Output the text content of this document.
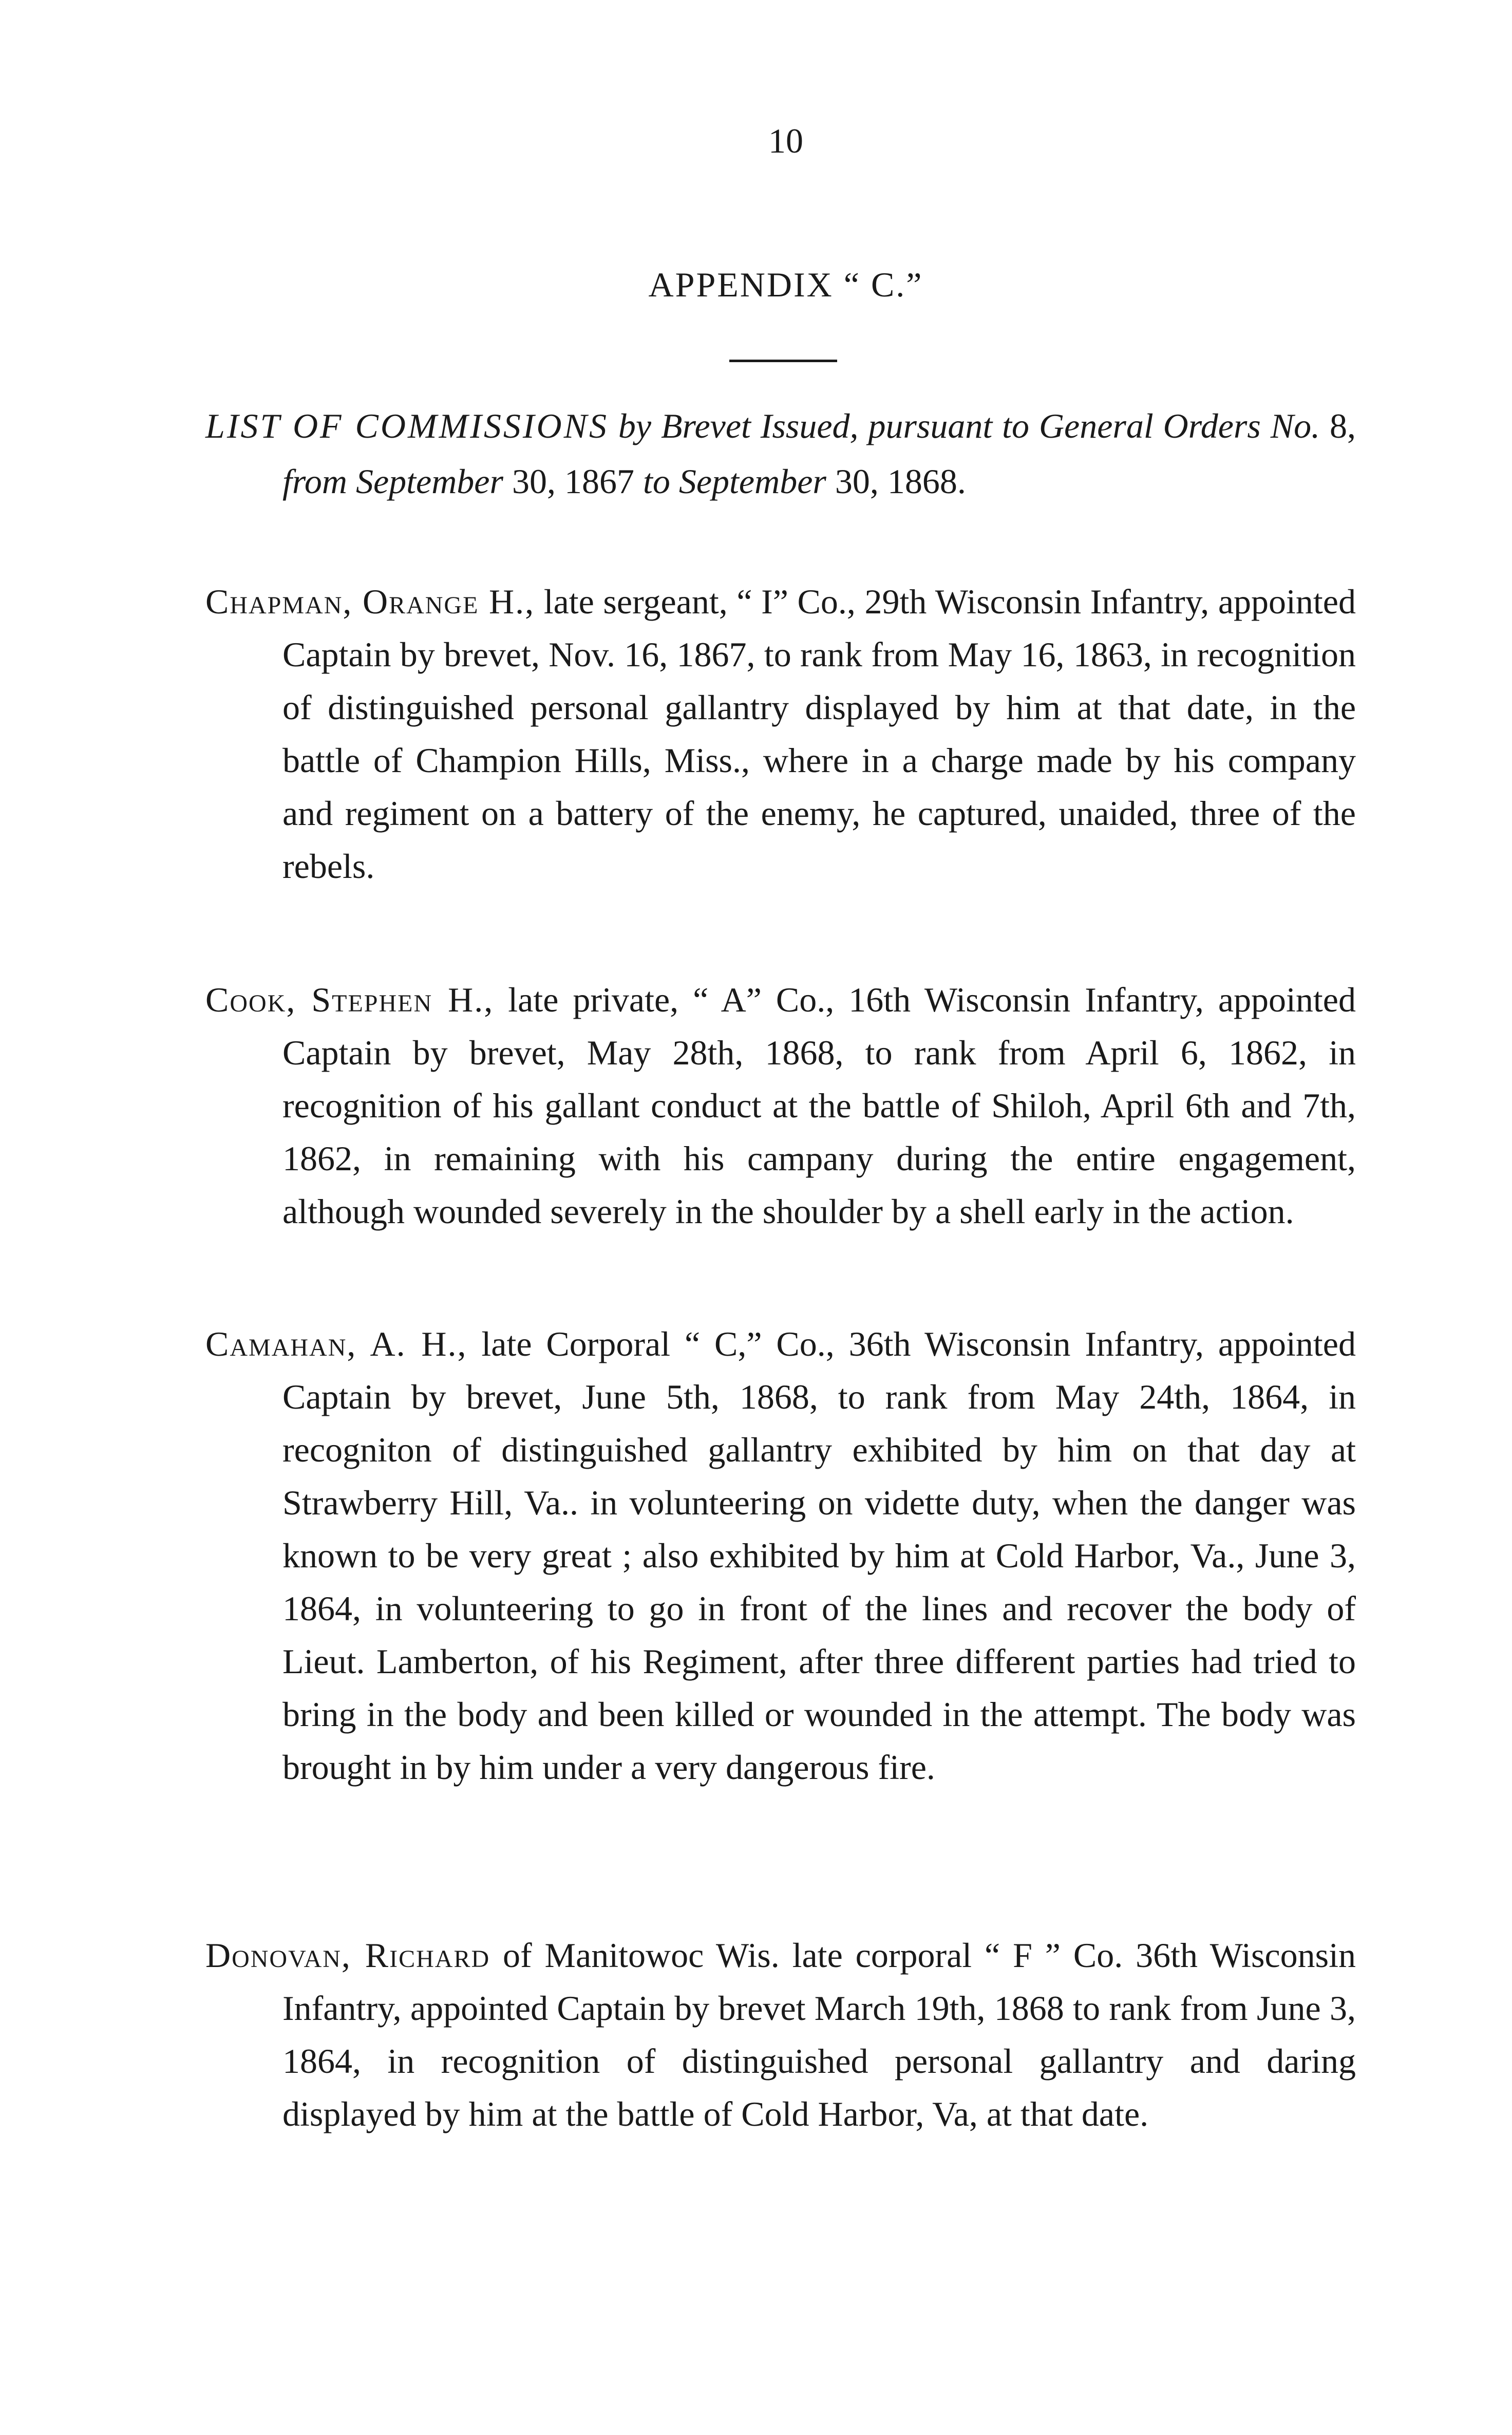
10
APPENDIX “ C.”
LIST OF COMMISSIONS by Brevet Issued, pursuant to General Orders No. 8, from September 30, 1867 to September 30, 1868.
Chapman, Orange H., late sergeant, “ I” Co., 29th Wisconsin Infantry, appointed Captain by brevet, Nov. 16, 1867, to rank from May 16, 1863, in recognition of distinguished personal gallantry displayed by him at that date, in the battle of Champion Hills, Miss., where in a charge made by his company and regiment on a battery of the enemy, he captured, unaided, three of the rebels.
Cook, Stephen H., late private, “ A” Co., 16th Wisconsin Infantry, appointed Captain by brevet, May 28th, 1868, to rank from April 6, 1862, in recognition of his gallant conduct at the battle of Shiloh, April 6th and 7th, 1862, in remaining with his campany during the entire engagement, although wounded severely in the shoulder by a shell early in the action.
Camahan, A. H., late Corporal “ C,” Co., 36th Wisconsin Infantry, appointed Captain by brevet, June 5th, 1868, to rank from May 24th, 1864, in recogniton of distinguished gallantry exhibited by him on that day at Strawberry Hill, Va.. in volunteering on vidette duty, when the danger was known to be very great ; also exhibited by him at Cold Harbor, Va., June 3, 1864, in volunteering to go in front of the lines and recover the body of Lieut. Lamberton, of his Regiment, after three different parties had tried to bring in the body and been killed or wounded in the attempt. The body was brought in by him under a very dangerous fire.
Donovan, Richard of Manitowoc Wis. late corporal “ F ” Co. 36th Wisconsin Infantry, appointed Captain by brevet March 19th, 1868 to rank from June 3, 1864, in recognition of distinguished personal gallantry and daring displayed by him at the battle of Cold Harbor, Va, at that date.
